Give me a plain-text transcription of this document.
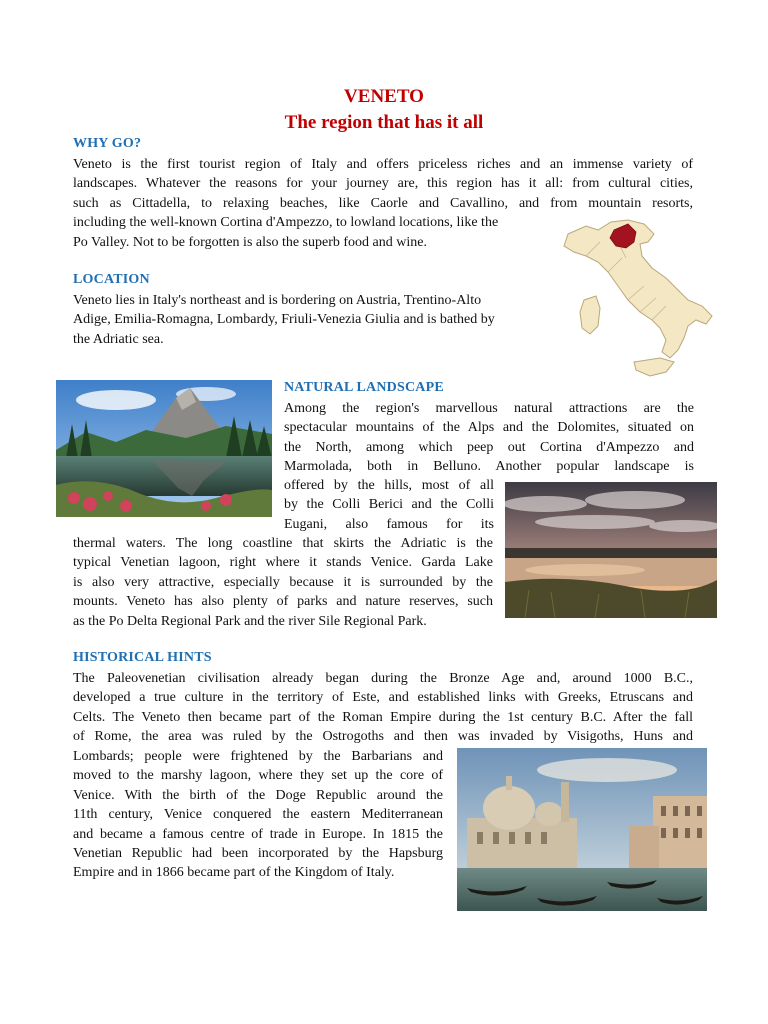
VENETO
The region that has it all
WHY GO?
Veneto is the first tourist region of Italy and offers priceless riches and an immense variety of
landscapes. Whatever the reasons for your journey are, this region has it all: from cultural cities,
such as Cittadella, to relaxing beaches, like Caorle and Cavallino, and from mountain resorts,
including the well-known Cortina d'Ampezzo, to lowland locations, like the
Po Valley. Not to be forgotten is also the superb food and wine.
LOCATION
Veneto lies in Italy's northeast and is bordering on Austria, Trentino-Alto
Adige, Emilia-Romagna, Lombardy, Friuli-Venezia Giulia and is bathed by
the Adriatic sea.
NATURAL LANDSCAPE
Among the region's marvellous natural attractions are the
spectacular mountains of the Alps and the Dolomites, situated on
the North, among which peep out Cortina d'Ampezzo and
Marmolada, both in Belluno. Another popular landscape is
offered by the hills, most of all
by the Colli Berici and the Colli
Eugani, also famous for its
thermal waters. The long coastline that skirts the Adriatic is the
typical Venetian lagoon, right where it stands Venice. Garda Lake
is also very attractive, especially because it is surrounded by the
mounts. Veneto has also plenty of parks and nature reserves, such
as the Po Delta Regional Park and the river Sile Regional Park.
HISTORICAL HINTS
The Paleovenetian civilisation already began during the Bronze Age and, around 1000 B.C.,
developed a true culture in the territory of Este, and established links with Greeks, Etruscans and
Celts. The Veneto then became part of the Roman Empire during the 1st century B.C. After the fall
of Rome, the area was ruled by the Ostrogoths and then was invaded by Visigoths, Huns and
Lombards; people were frightened by the Barbarians and
moved to the marshy lagoon, where they set up the core of
Venice. With the birth of the Doge Republic around the
11th century, Venice conquered the eastern Mediterranean
and became a famous centre of trade in Europe. In 1815 the
Venetian Republic had been incorporated by the Hapsburg
Empire and in 1866 became part of the Kingdom of Italy.
